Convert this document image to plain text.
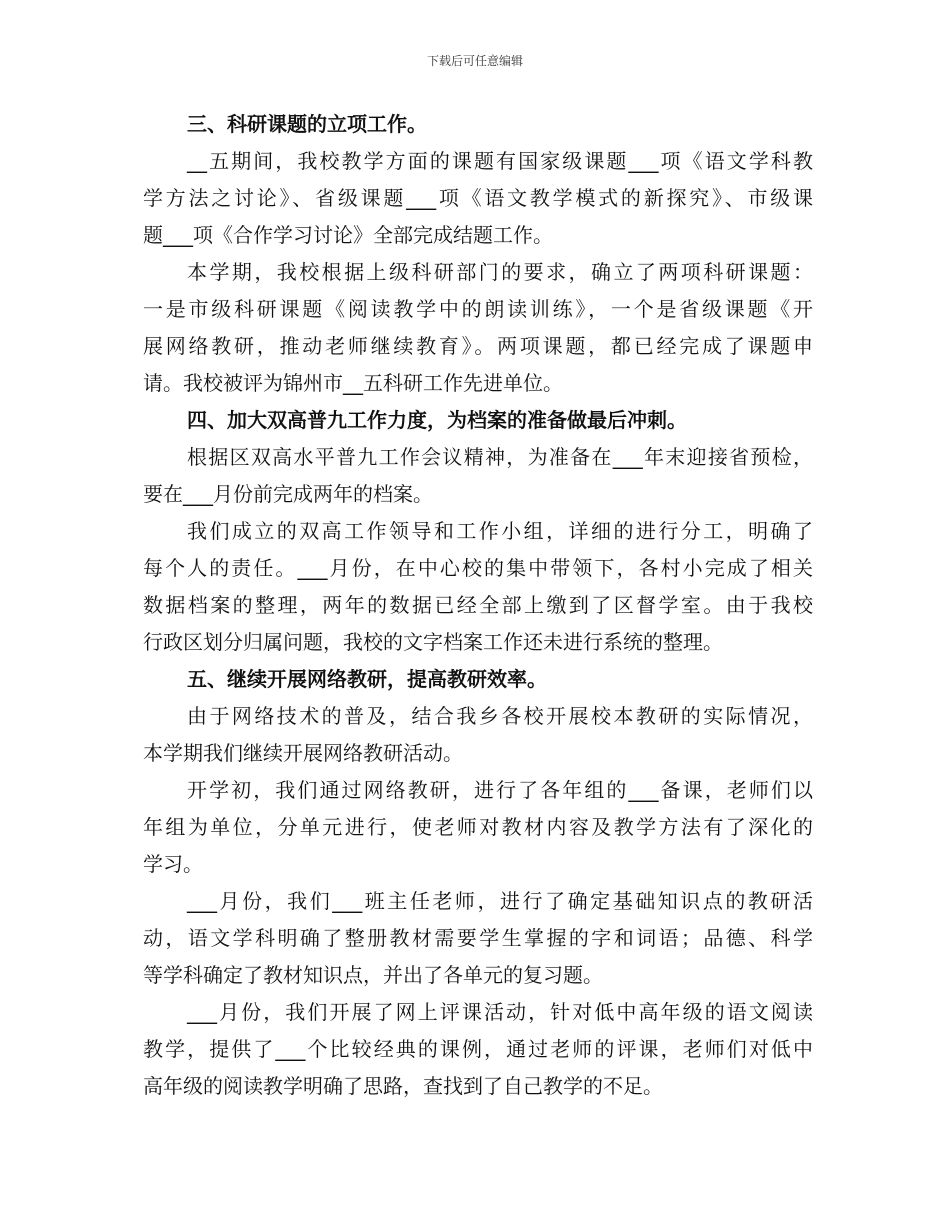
下载后可任意编辑
三、科研课题的立项工作。
__五期间，我校教学方面的课题有国家级课题___项《语文学科教
学方法之讨论》、省级课题___项《语文教学模式的新探究》、市级课
题___项《合作学习讨论》全部完成结题工作。
本学期，我校根据上级科研部门的要求，确立了两项科研课题：
一是市级科研课题《阅读教学中的朗读训练》，一个是省级课题《开
展网络教研，推动老师继续教育》。两项课题，都已经完成了课题申
请。我校被评为锦州市__五科研工作先进单位。
四、加大双高普九工作力度，为档案的准备做最后冲刺。
根据区双高水平普九工作会议精神，为准备在___年末迎接省预检，
要在___月份前完成两年的档案。
我们成立的双高工作领导和工作小组，详细的进行分工，明确了
每个人的责任。___月份，在中心校的集中带领下，各村小完成了相关
数据档案的整理，两年的数据已经全部上缴到了区督学室。由于我校
行政区划分归属问题，我校的文字档案工作还未进行系统的整理。
五、继续开展网络教研，提高教研效率。
由于网络技术的普及，结合我乡各校开展校本教研的实际情况，
本学期我们继续开展网络教研活动。
开学初，我们通过网络教研，进行了各年组的___备课，老师们以
年组为单位，分单元进行，使老师对教材内容及教学方法有了深化的
学习。
___月份，我们___班主任老师，进行了确定基础知识点的教研活
动，语文学科明确了整册教材需要学生掌握的字和词语；品德、科学
等学科确定了教材知识点，并出了各单元的复习题。
___月份，我们开展了网上评课活动，针对低中高年级的语文阅读
教学，提供了___个比较经典的课例，通过老师的评课，老师们对低中
高年级的阅读教学明确了思路，查找到了自己教学的不足。
